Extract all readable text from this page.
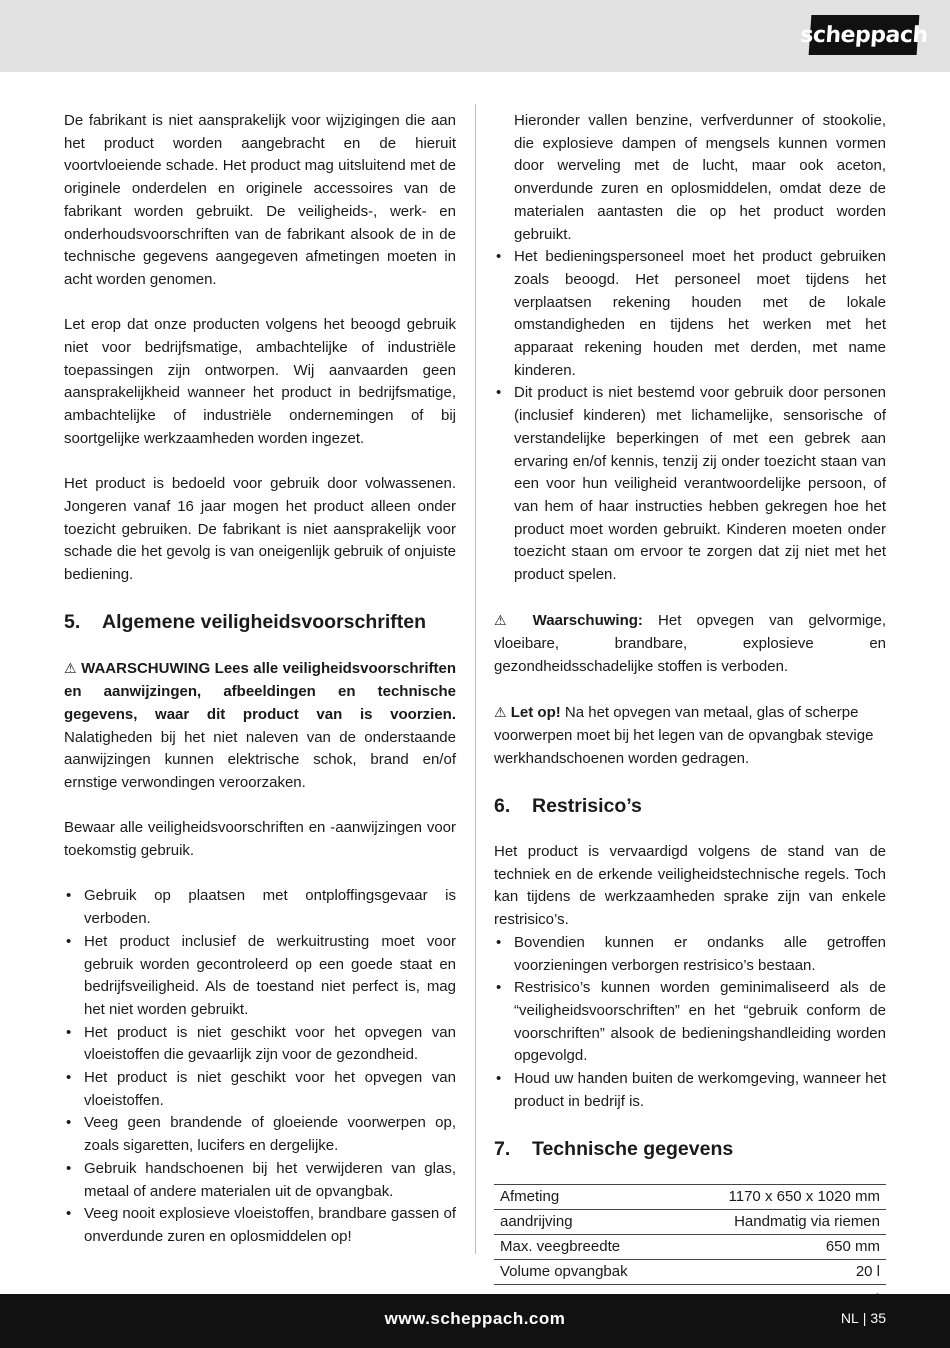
scheppach

De fabrikant is niet aansprakelijk voor wijzigingen die aan het product worden aangebracht en de hieruit voortvloeiende schade. Het product mag uitsluitend met de originele onderdelen en originele accessoires van de fabrikant worden gebruikt. De veiligheids-, werk- en onderhoudsvoorschriften van de fabrikant alsook de in de technische gegevens aangegeven afmetingen moeten in acht worden genomen.

Let erop dat onze producten volgens het beoogd gebruik niet voor bedrijfsmatige, ambachtelijke of industriële toepassingen zijn ontworpen. Wij aanvaarden geen aansprakelijkheid wanneer het product in bedrijfsmatige, ambachtelijke of industriële ondernemingen of bij soortgelijke werkzaamheden worden ingezet.

Het product is bedoeld voor gebruik door volwassenen. Jongeren vanaf 16 jaar mogen het product alleen onder toezicht gebruiken. De fabrikant is niet aansprakelijk voor schade die het gevolg is van oneigenlijk gebruik of onjuiste bediening.

5.	Algemene veiligheidsvoorschriften

⚠ WAARSCHUWING Lees alle veiligheidsvoorschriften en aanwijzingen, afbeeldingen en technische gegevens, waar dit product van is voorzien. Nalatigheden bij het niet naleven van de onderstaande aanwijzingen kunnen elektrische schok, brand en/of ernstige verwondingen veroorzaken.

Bewaar alle veiligheidsvoorschriften en -aanwijzingen voor toekomstig gebruik.

• Gebruik op plaatsen met ontploffingsgevaar is verboden.
• Het product inclusief de werkuitrusting moet voor gebruik worden gecontroleerd op een goede staat en bedrijfsveiligheid. Als de toestand niet perfect is, mag het niet worden gebruikt.
• Het product is niet geschikt voor het opvegen van vloeistoffen die gevaarlijk zijn voor de gezondheid.
• Het product is niet geschikt voor het opvegen van vloeistoffen.
• Veeg geen brandende of gloeiende voorwerpen op, zoals sigaretten, lucifers en dergelijke.
• Gebruik handschoenen bij het verwijderen van glas, metaal of andere materialen uit de opvangbak.
• Veeg nooit explosieve vloeistoffen, brandbare gassen of onverdunde zuren en oplosmiddelen op!

Hieronder vallen benzine, verfverdunner of stookolie, die explosieve dampen of mengsels kunnen vormen door werveling met de lucht, maar ook aceton, onverdunde zuren en oplosmiddelen, omdat deze de materialen aantasten die op het product worden gebruikt.

• Het bedieningspersoneel moet het product gebruiken zoals beoogd. Het personeel moet tijdens het verplaatsen rekening houden met de lokale omstandigheden en tijdens het werken met het apparaat rekening houden met derden, met name kinderen.
• Dit product is niet bestemd voor gebruik door personen (inclusief kinderen) met lichamelijke, sensorische of verstandelijke beperkingen of met een gebrek aan ervaring en/of kennis, tenzij zij onder toezicht staan van een voor hun veiligheid verantwoordelijke persoon, of van hem of haar instructies hebben gekregen hoe het product moet worden gebruikt. Kinderen moeten onder toezicht staan om ervoor te zorgen dat zij niet met het product spelen.

⚠ Waarschuwing: Het opvegen van gelvormige, vloeibare, brandbare, explosieve en gezondheidsschadelijke stoffen is verboden.

⚠ Let op! Na het opvegen van metaal, glas of scherpe voorwerpen moet bij het legen van de opvangbak stevige werkhandschoenen worden gedragen.

6.	Restrisico’s

Het product is vervaardigd volgens de stand van de techniek en de erkende veiligheidstechnische regels. Toch kan tijdens de werkzaamheden sprake zijn van enkele restrisico’s.

• Bovendien kunnen er ondanks alle getroffen voorzieningen verborgen restrisico’s bestaan.
• Restrisico’s kunnen worden geminimaliseerd als de “veiligheidsvoorschriften” en het “gebruik conform de voorschriften” alsook de bedieningshandleiding worden opgevolgd.
• Houd uw handen buiten de werkomgeving, wanneer het product in bedrijf is.
7.	Technische gegevens
Afmeting	1170 x 650 x 1020 mm
aandrijving	Handmatig via riemen
Max. veegbreedte	650 mm
Volume opvangbak	20 l

www.scheppach.com	NL | 35
